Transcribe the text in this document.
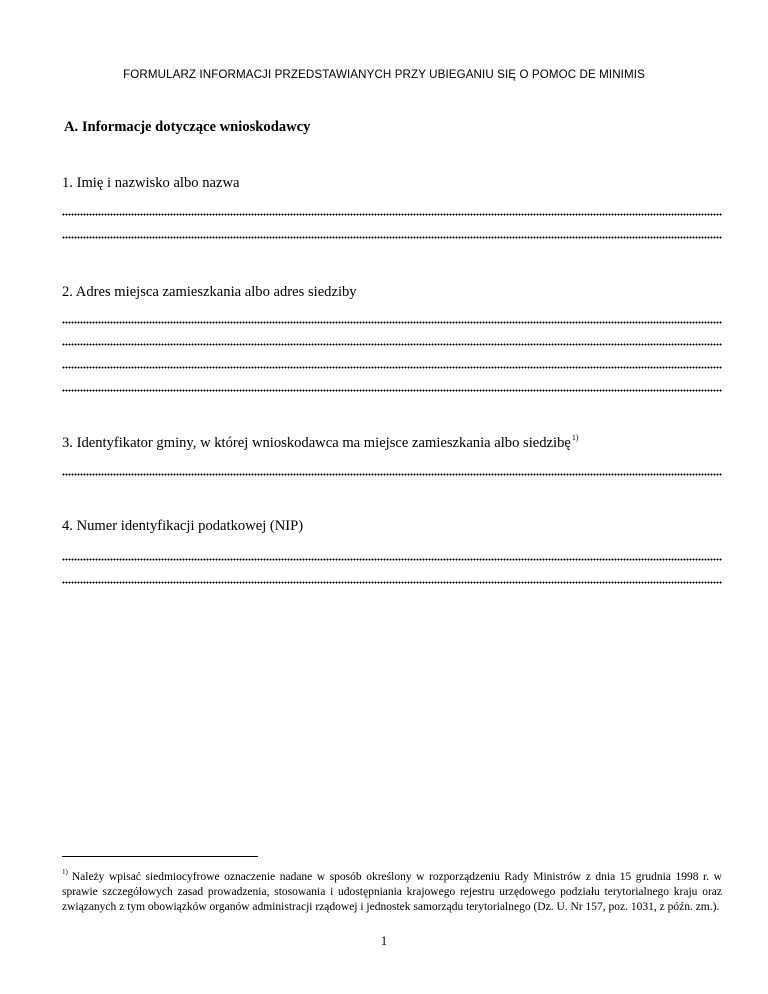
FORMULARZ INFORMACJI PRZEDSTAWIANYCH PRZY UBIEGANIU SIĘ O POMOC DE MINIMIS
A. Informacje dotyczące wnioskodawcy
1. Imię i nazwisko albo nazwa
2. Adres miejsca zamieszkania albo adres siedziby
3. Identyfikator gminy, w której wnioskodawca ma miejsce zamieszkania albo siedzibę$^{1)}$
4. Numer identyfikacji podatkowej (NIP)
$^{1)}$ Należy wpisać siedmiocyfrowe oznaczenie nadane w sposób określony w rozporządzeniu Rady Ministrów z dnia 15 grudnia 1998 r. w sprawie szczegółowych zasad prowadzenia, stosowania i udostępniania krajowego rejestru urzędowego podziału terytorialnego kraju oraz związanych z tym obowiązków organów administracji rządowej i jednostek samorządu terytorialnego (Dz. U. Nr 157, poz. 1031, z późn. zm.).
1
